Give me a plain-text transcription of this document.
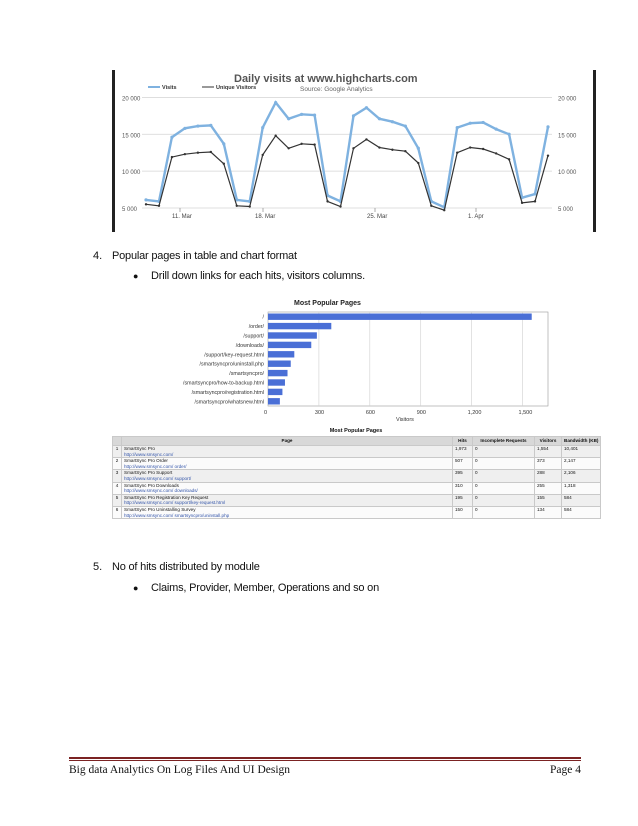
20 000	20 000
15 000	15 000
10 000	10 000
5 000	5 000
11. Mar	18. Mar	25. Mar	1. Apr
Daily visits at www.highcharts.com
Source: Google Analytics
Visits	Unique Visitors
4. Popular pages in table and chart format
● Drill down links for each hits, visitors columns.
Most Popular Pages
0	300	600	900	1,200	1,500
Visitors
/
/order/
/support/
/downloads/
/support/key-request.html
/smartsyncpro/uninstall.php
/smartsyncpro/
/smartsyncpro/how-to-backup.html
/smartsyncpro/registration.html
/smartsyncpro/whatsnew.html
Most Popular Pages
	Page	Hits	Incomplete Requests	Visitors	Bandwidth (KB)
1	SmartSync Pro
http://www.smsync.com/	1,973	0	1,554	10,401
2	SmartSync Pro Order
http://www.smsync.com/ order/	507	0	373	2,147
3	SmartSync Pro Support
http://www.smsync.com/ support/	395	0	288	2,106
4	SmartSync Pro Downloads
http://www.smsync.com/ downloads/	310	0	255	1,318
5	SmartSync Pro Registration Key Request
http://www.smsync.com/ support/key-request.html	195	0	155	584
6	SmartSync Pro Uninstalling Survey
http://www.smsync.com/ smartsyncpro/uninstall.php	150	0	134	584
5. No of hits distributed by module
● Claims, Provider, Member, Operations and so on
Big data Analytics On Log Files And UI Design	Page 4
